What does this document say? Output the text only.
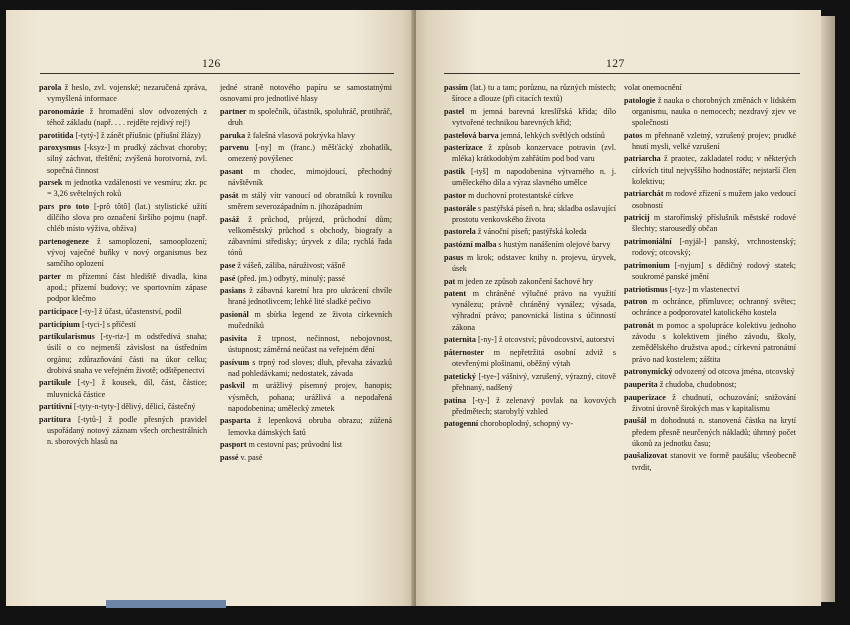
126

parola ž heslo, zvl. vojenské; nezaručená zpráva, vymyšlená informace

paronomázie ž hromadění slov odvozených z téhož základu (např. . . . rejděte rejdivý rej!)

parotitida [-tytý-] ž zánět příušnic (příušní žlázy)

paroxysmus [-ksyz-] m prudký záchvat choroby; silný záchvat, třeštění; zvýšená horotvorná, zvl. sopečná činnost

parsek m jednotka vzdálenosti ve vesmíru; zkr. pc = 3,26 světelných roků

pars pro toto [-prô tôtô] (lat.) stylistické užití dílčího slova pro označení širšího pojmu (např. chléb místo výživa, obživa)

partenogeneze ž samoplození, samooplození; vývoj vaječné buňky v nový organismus bez samčího oplození

parter m přízemní část hlediště divadla, kina apod.; přízemí budovy; ve sportovním zápase podpor klečmo

participace [-ty-] ž účast, účastenství, podíl

participium [-tyci-] s příčestí

partikularismus [-ty-riz-] m odstředivá snaha; úsilí o co nejmenší závislost na ústředním orgánu; zdůrazňování části na úkor celku; drobivá snaha ve veřejném životě; odštěpenectví

partikule [-ty-] ž kousek, díl, část, částice; mluvnická částice

partitivní [-tyty-n-tyty-] dělivý, dělicí, částečný

partitura [-tytů-] ž podle přesných pravidel uspořádaný notový záznam všech orchestrálních n. sborových hlasů na

jedné straně notového papíru se samostatnými osnovami pro jednotlivé hlasy

partner m společník, účastník, spoluhráč, protihráč, druh

paruka ž falešná vlasová pokrývka hlavy

parvenu [-ny] m (franc.) měšťácký zbohatlík, omezený povýšenec

pasant m chodec, mimojdoucí, přechodný návštěvník

pasát m stálý vítr vanoucí od obratníků k rovníku směrem severozápadním n. jihozápadním

pasáž ž průchod, průjezd, průchodní dům; velkoměstský průchod s obchody, biografy a zábavními středisky; úryvek z díla; rychlá řada tónů

pase ž vášeň, záliba, náruživost; vášně

pasé (před. jm.) odbytý, minulý; passé

pasians ž zábavná karetní hra pro ukrácení chvíle hraná jednotlivcem; lehké lité sladké pečivo

pasionál m sbírka legend ze života církevních mučedníků

pasivita ž trpnost, nečinnost, nebojovnost, ústupnost; záměrná neúčast na veřejném dění

pasívum s trpný rod sloves; dluh, převahа závazků nad pohledávkami; nedostatek, závada

paskvil m urážlivý písemný projev, hanopis; výsměch, pohana; urážlivá a nepodařená napodobenina; umělecký zmetek

pasparta ž lepenková obruba obrazu; zúžená lemovka dámských šatů

pasport m cestovní pas; průvodní list

passé v. pasé

127

passim (lat.) tu a tam; porůznu, na různých místech; šíroce a dlouze (při citacích textů)

pastel m jemná barevná kreslířská křída; dílo vytvořené technikou barevných křid;

pastelová barva jemná, lehkých světlých odstínů

pasterizace ž způsob konzervace potravin (zvl. mléka) krátkodobým zahřátím pod bod varu

pastik [-tyš] m napodobenina výtvarného n. j. uměleckého díla a výraz slavného umělce

pastor m duchovní protestantské církve

pastorále s pastýřská píseň n. hra; skladba oslavující prostotu venkovského života

pastorela ž vánoční píseň; pastýřská koleda

pastózní malba s hustým nanášením olejové barvy

pasus m krok; odstavec knihy n. projevu, úryvek, úsek

pat m jeden ze způsob zakončení šachové hry

patent m chráněné výlučné právo na využití vynálezu; právně chráněný vynález; výsada, výhradní právo; panovnická listina s účinností zákona

paternita [-ny-] ž otcovství; původcovství, autorství

páternoster m nepřetržitá osobní zdviž s otevřenými plošinami, oběžný výtah

patetický [-tye-] vášnivý, vzrušený, výrazný, citově přehnaný, nadšený

patina [-ty-] ž zelenavý povlak na kovových předmětech; starobylý vzhled

patogenní choroboplodný, schopný vy-

volat onemocnění

patologie ž nauka o chorobných změnách v lidském organismu, nauka o nemocech; nezdravý zjev ve společnosti

patos m přehnaně vzletný, vzrušený projev; prudké hnutí mysli, velké vzrušení

patriarcha ž praotec, zakladatel rodu; v některých církvích titul nejvyššího hodnostáře; nejstarší člen kolektivu;

patriarchát m rodové zřízení s mužem jako vedoucí osobností

patricij m starořímský příslušník městské rodové šlechty; starousedlý občan

patrimoniální [-nyjál-] panský, vrchnostenský; rodový; otcovský;

patrimonium [-nyjum] s dědičný rodový statek; soukromé panské jmění

patriotismus [-tyz-] m vlastenectví

patron m ochránce, přímluvce; ochranný světec; ochránce a podporovatel katolického kostela

patronát m pomoc a spolupráce kolektivu jednoho závodu s kolektivem jiného závodu, školy, zemědělského družstva apod.; církevní patronátní právo nad kostelem; záštita

patronymický odvozený od otcova jména, otcovský

pauperita ž chudoba, chudobnost;

pauperizace ž chudnutí, ochuzování; snižování životní úrovně širokých mas v kapitalismu

paušál m dohodnutá n. stanovená částka na krytí předem přesně neurčených nákladů; úhrnný počet úkonů za jednotku času;

paušalizovat stanovit ve formě paušálu; všeobecně tvrdit,
